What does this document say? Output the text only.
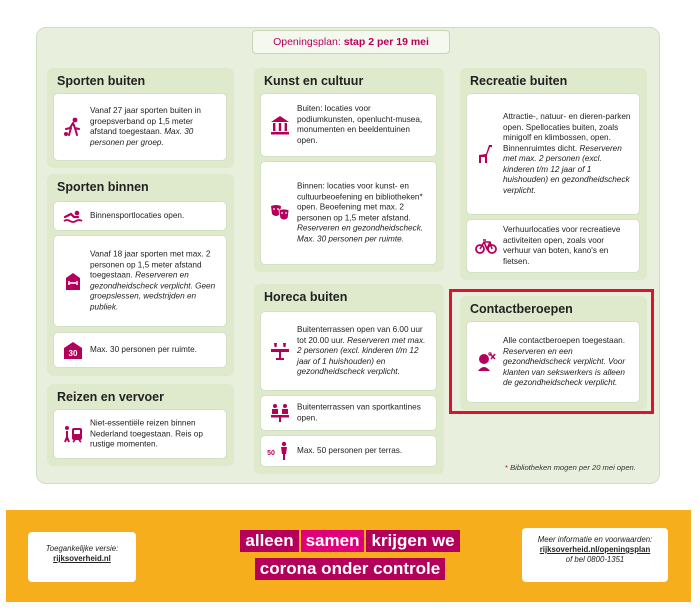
Openingsplan: stap 2 per 19 mei
Sporten buiten
Vanaf 27 jaar sporten buiten in groepsverband op 1,5 meter afstand toegestaan. Max. 30 personen per groep.
Sporten binnen
Binnensportlocaties open.
Vanaf 18 jaar sporten met max. 2 personen op 1,5 meter afstand toegestaan. Reserveren en gezondheidscheck verplicht. Geen groepslessen, wedstrijden en publiek.
30 Max. 30 personen per ruimte.
Reizen en vervoer
Niet-essentiële reizen binnen Nederland toegestaan. Reis op rustige momenten.
Kunst en cultuur
Buiten: locaties voor podiumkunsten, openlucht-musea, monumenten en beeldentuinen open.
Binnen: locaties voor kunst- en cultuurbeoefening en bibliotheken* open. Beoefening met max. 2 personen op 1,5 meter afstand. Reserveren en gezondheidscheck. Max. 30 personen per ruimte.
Horeca buiten
Buitenterrassen open van 6.00 uur tot 20.00 uur. Reserveren met max. 2 personen (excl. kinderen t/m 12 jaar of 1 huishouden) en gezondheidscheck verplicht.
Buitenterrassen van sportkantines open.
50	Max. 50 personen per terras.
Recreatie buiten
Attractie-, natuur- en dieren-parken open. Spellocaties buiten, zoals minigolf en klimbossen, open. Binnenruimtes dicht. Reserveren met max. 2 personen (excl. kinderen t/m 12 jaar of 1 huishouden) en gezondheidscheck verplicht.
Verhuurlocaties voor recreatieve activiteiten open, zoals voor verhuur van boten, kano's en fietsen.
Contactberoepen
Alle contactberoepen toegestaan. Reserveren en een gezondheidscheck verplicht. Voor klanten van sekswerkers is alleen de gezondheidscheck verplicht.
* Bibliotheken mogen per 20 mei open.
Toegankelijke versie:
rijksoverheid.nl
alleen samen krijgen we
corona onder controle
Meer informatie en voorwaarden:
rijksoverheid.nl/openingsplan
of bel 0800-1351
